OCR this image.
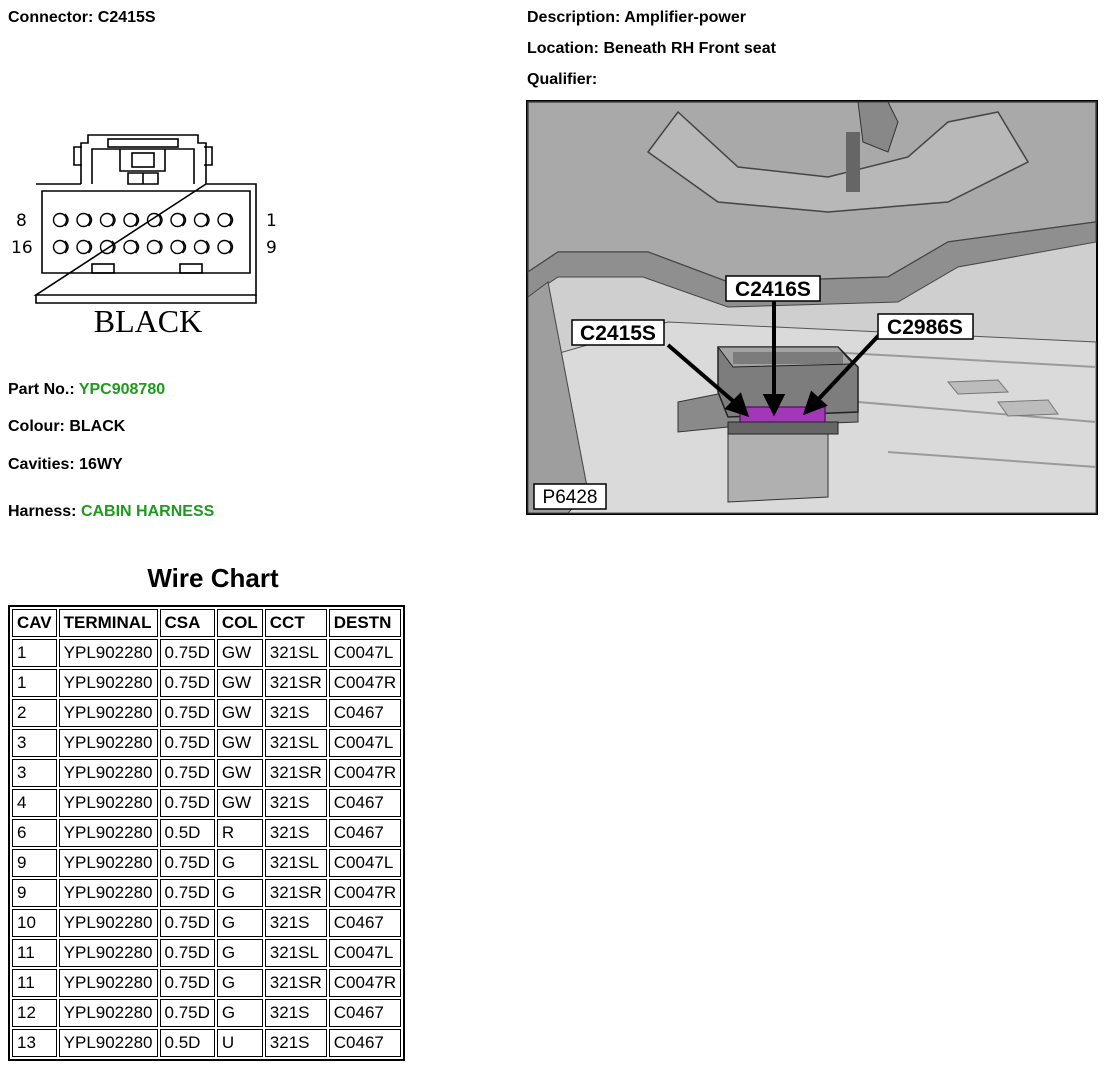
Connector: C2415S	Description: Amplifier-power
Location: Beneath RH Front seat
Qualifier:
8	1
16	9
BLACK
Part No.: YPC908780
Colour: BLACK
Cavities: 16WY
Harness: CABIN HARNESS
C2415S
C2416S
C2986S
P6428
Wire Chart
CAV	TERMINAL	CSA	COL	CCT	DESTN
1	YPL902280	0.75D	GW	321SL	C0047L
1	YPL902280	0.75D	GW	321SR	C0047R
2	YPL902280	0.75D	GW	321S	C0467
3	YPL902280	0.75D	GW	321SL	C0047L
3	YPL902280	0.75D	GW	321SR	C0047R
4	YPL902280	0.75D	GW	321S	C0467
6	YPL902280	0.5D	R	321S	C0467
9	YPL902280	0.75D	G	321SL	C0047L
9	YPL902280	0.75D	G	321SR	C0047R
10	YPL902280	0.75D	G	321S	C0467
11	YPL902280	0.75D	G	321SL	C0047L
11	YPL902280	0.75D	G	321SR	C0047R
12	YPL902280	0.75D	G	321S	C0467
13	YPL902280	0.5D	U	321S	C0467
